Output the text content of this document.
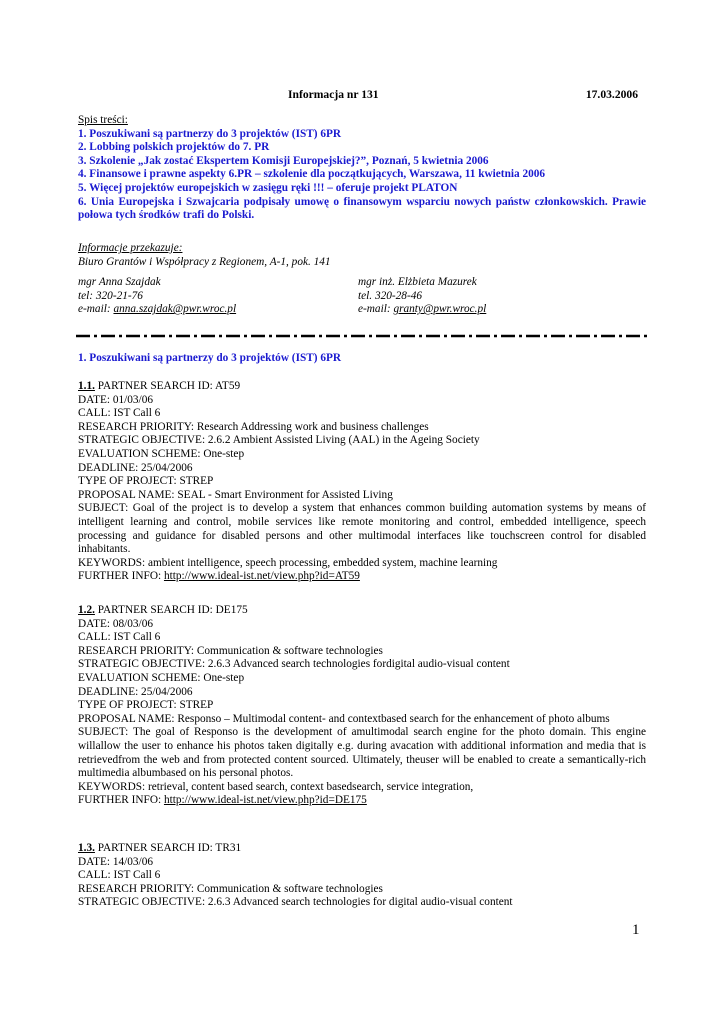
Informacja nr 131	17.03.2006
Spis treści:
1. Poszukiwani są partnerzy do 3 projektów (IST) 6PR
2. Lobbing polskich projektów do 7. PR
3. Szkolenie „Jak zostać Ekspertem Komisji Europejskiej?”, Poznań, 5 kwietnia 2006
4. Finansowe i prawne aspekty 6.PR – szkolenie dla początkujących, Warszawa, 11 kwietnia 2006
5. Więcej projektów europejskich w zasięgu ręki !!! – oferuje projekt PLATON
6. Unia Europejska i Szwajcaria podpisały umowę o finansowym wsparciu nowych państw członkowskich. Prawie połowa tych środków trafi do Polski.
Informacje przekazuje:
Biuro Grantów i Współpracy z Regionem, A-1, pok. 141
mgr Anna Szajdak
tel: 320-21-76
e-mail: anna.szajdak@pwr.wroc.pl
mgr inż. Elżbieta Mazurek
tel. 320-28-46
e-mail: granty@pwr.wroc.pl
1. Poszukiwani są partnerzy do 3 projektów (IST) 6PR
1.1. PARTNER SEARCH ID: AT59
DATE: 01/03/06
CALL: IST Call 6
RESEARCH PRIORITY: Research Addressing work and business challenges
STRATEGIC OBJECTIVE: 2.6.2 Ambient Assisted Living (AAL) in the Ageing Society
EVALUATION SCHEME: One-step
DEADLINE: 25/04/2006
TYPE OF PROJECT: STREP
PROPOSAL NAME: SEAL - Smart Environment for Assisted Living
SUBJECT: Goal of the project is to develop a system that enhances common building automation systems by means of intelligent learning and control, mobile services like remote monitoring and control, embedded intelligence, speech processing and guidance for disabled persons and other multimodal interfaces like touchscreen control for disabled inhabitants.
KEYWORDS: ambient intelligence, speech processing, embedded system, machine learning
FURTHER INFO: http://www.ideal-ist.net/view.php?id=AT59
1.2. PARTNER SEARCH ID: DE175
DATE: 08/03/06
CALL: IST Call 6
RESEARCH PRIORITY: Communication & software technologies
STRATEGIC OBJECTIVE: 2.6.3 Advanced search technologies fordigital audio-visual content
EVALUATION SCHEME: One-step
DEADLINE: 25/04/2006
TYPE OF PROJECT: STREP
PROPOSAL NAME: Responso – Multimodal content- and contextbased search for the enhancement of photo albums
SUBJECT: The goal of Responso is the development of amultimodal search engine for the photo domain. This engine willallow the user to enhance his photos taken digitally e.g. during avacation with additional information and media that is retrievedfrom the web and from protected content sourced. Ultimately, theuser will be enabled to create a semantically-rich multimedia albumbased on his personal photos.
KEYWORDS: retrieval, content based search, context basedsearch, service integration,
FURTHER INFO: http://www.ideal-ist.net/view.php?id=DE175
1.3. PARTNER SEARCH ID: TR31
DATE: 14/03/06
CALL: IST Call 6
RESEARCH PRIORITY: Communication & software technologies
STRATEGIC OBJECTIVE: 2.6.3 Advanced search technologies for digital audio-visual content
1
